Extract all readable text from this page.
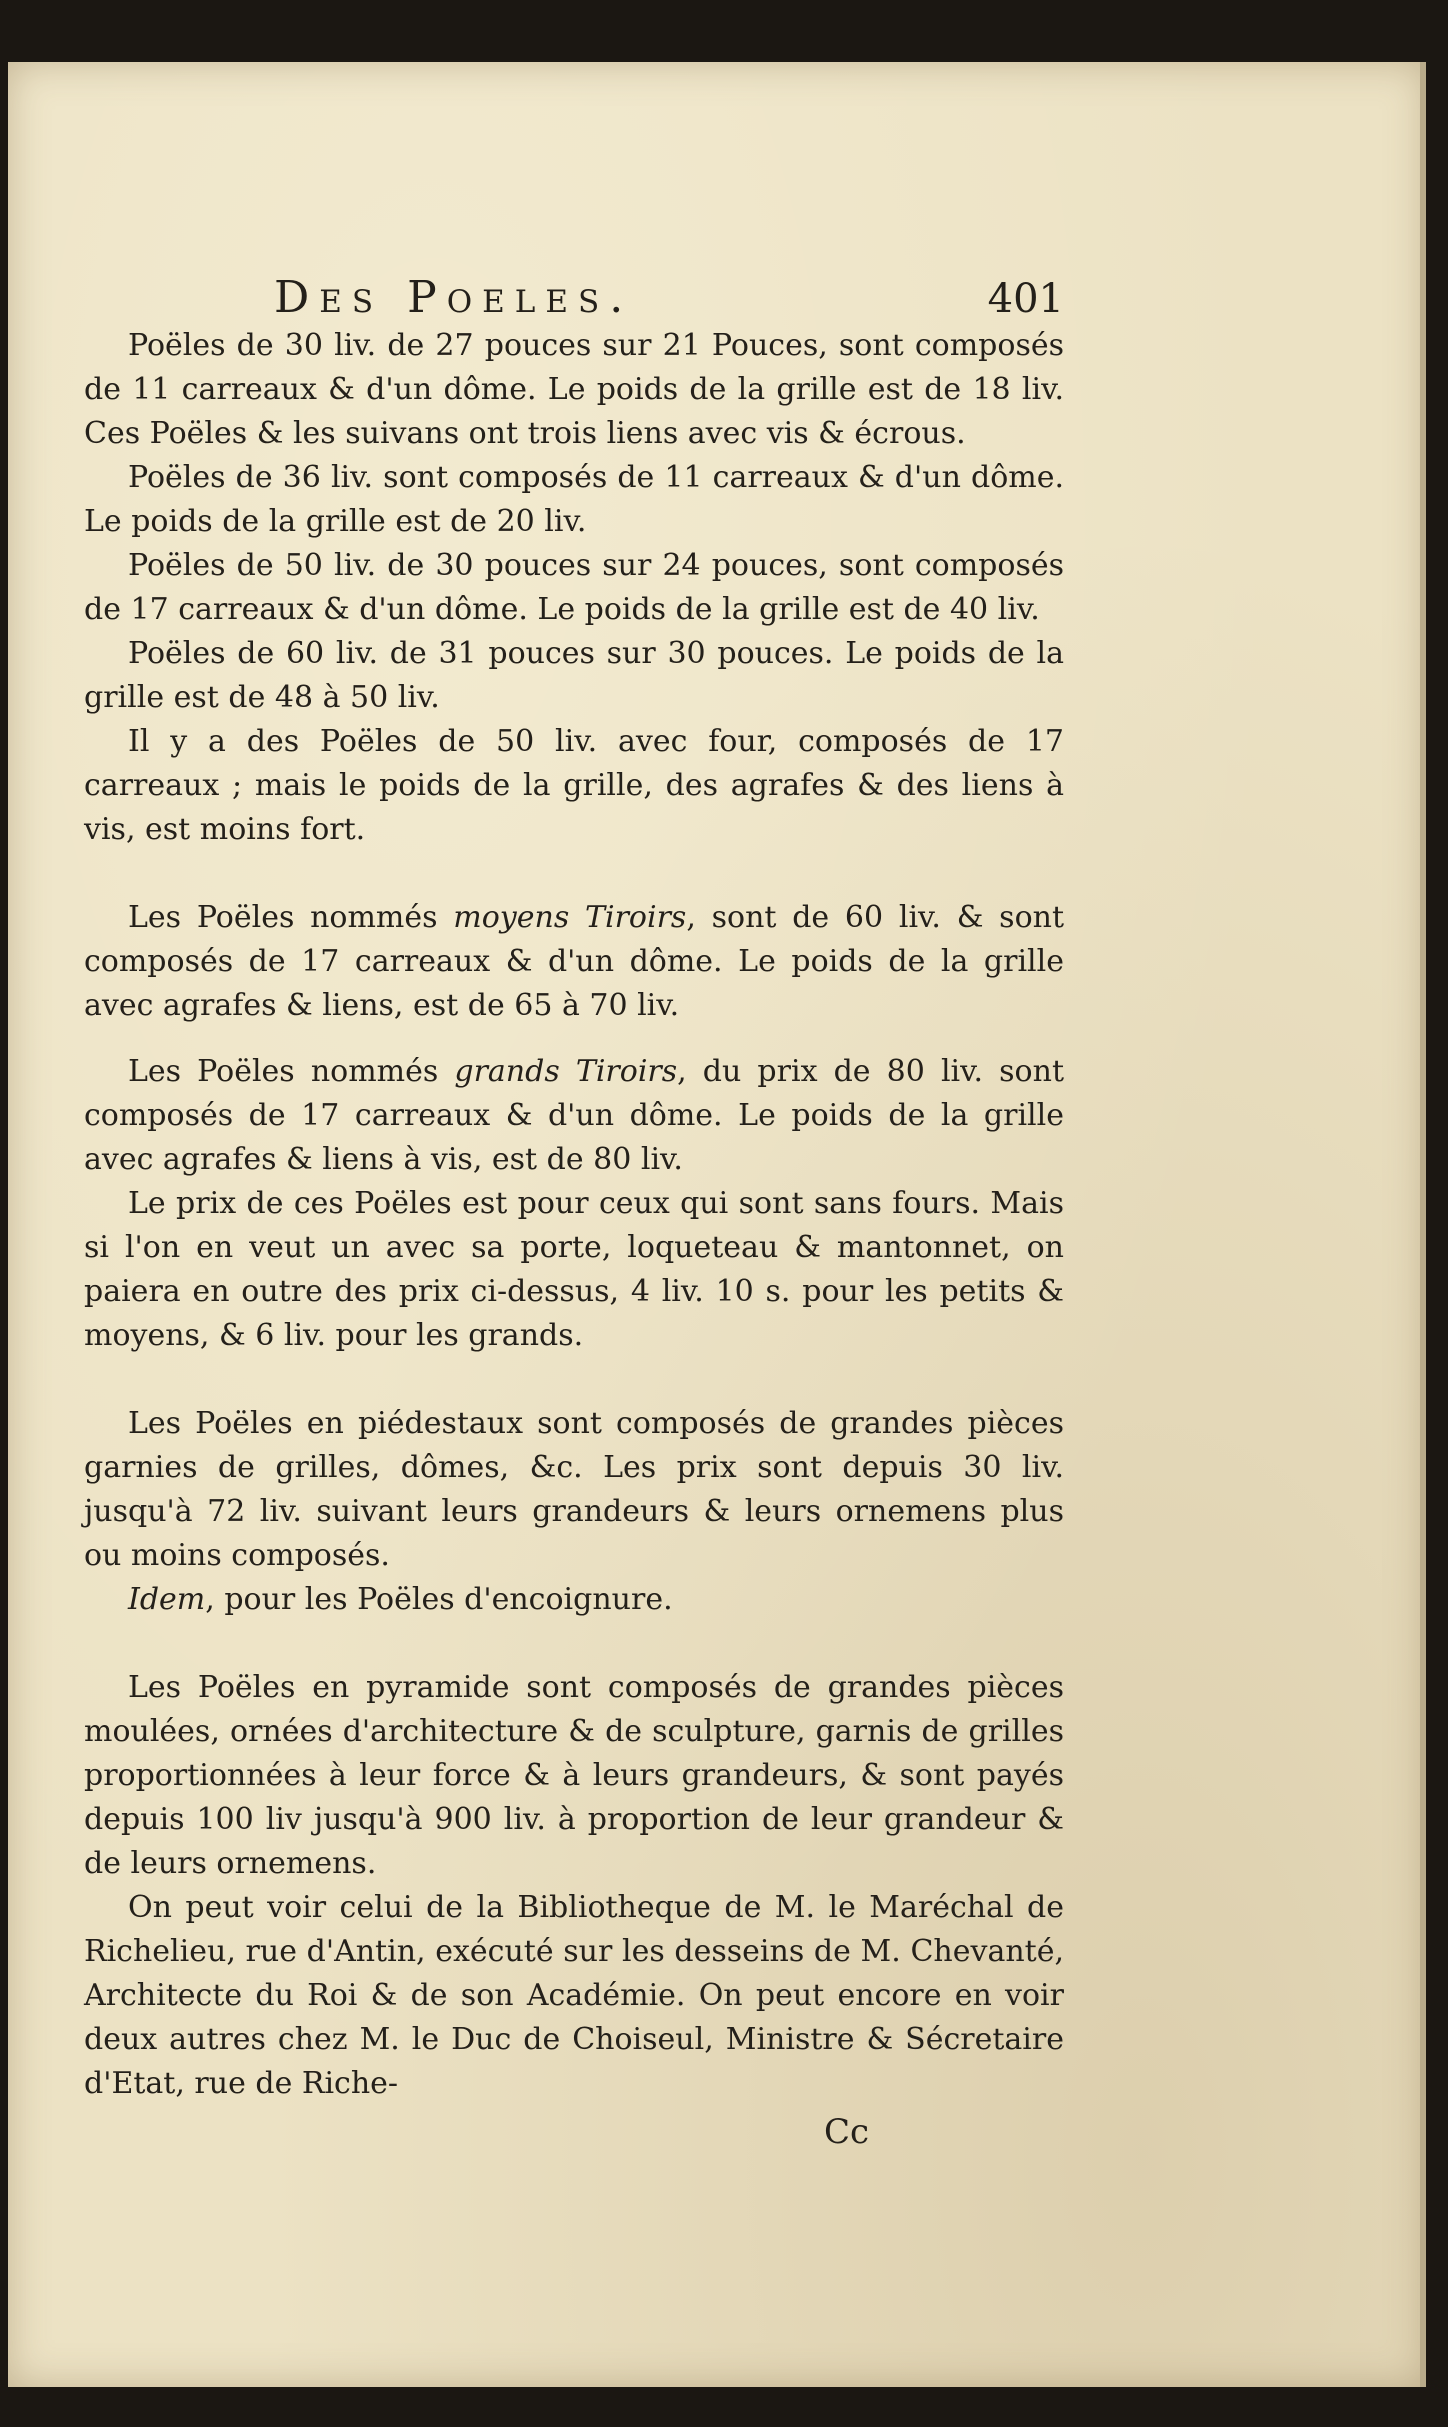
Des Poeles.	401

Poëles de 30 liv. de 27 pouces sur 21 Pouces, sont composés de 11 carreaux & d'un dôme. Le poids de la grille est de 18 liv. Ces Poëles & les suivans ont trois liens avec vis & écrous.

Poëles de 36 liv. sont composés de 11 carreaux & d'un dôme. Le poids de la grille est de 20 liv.

Poëles de 50 liv. de 30 pouces sur 24 pouces, sont composés de 17 carreaux & d'un dôme. Le poids de la grille est de 40 liv.

Poëles de 60 liv. de 31 pouces sur 30 pouces. Le poids de la grille est de 48 à 50 liv.

Il y a des Poëles de 50 liv. avec four, composés de 17 carreaux ; mais le poids de la grille, des agrafes & des liens à vis, est moins fort.

Les Poëles nommés moyens Tiroirs, sont de 60 liv. & sont composés de 17 carreaux & d'un dôme. Le poids de la grille avec agrafes & liens, est de 65 à 70 liv.

Les Poëles nommés grands Tiroirs, du prix de 80 liv. sont composés de 17 carreaux & d'un dôme. Le poids de la grille avec agrafes & liens à vis, est de 80 liv.

Le prix de ces Poëles est pour ceux qui sont sans fours. Mais si l'on en veut un avec sa porte, loqueteau & mantonnet, on paiera en outre des prix ci-dessus, 4 liv. 10 s. pour les petits & moyens, & 6 liv. pour les grands.

Les Poëles en piédestaux sont composés de grandes pièces garnies de grilles, dômes, &c. Les prix sont depuis 30 liv. jusqu'à 72 liv. suivant leurs grandeurs & leurs ornemens plus ou moins composés.

Idem, pour les Poëles d'encoignure.

Les Poëles en pyramide sont composés de grandes pièces moulées, ornées d'architecture & de sculpture, garnis de grilles proportionnées à leur force & à leurs grandeurs, & sont payés depuis 100 liv jusqu'à 900 liv. à proportion de leur grandeur & de leurs ornemens.

On peut voir celui de la Bibliotheque de M. le Maréchal de Richelieu, rue d'Antin, exécuté sur les desseins de M. Chevanté, Architecte du Roi & de son Académie. On peut encore en voir deux autres chez M. le Duc de Choiseul, Ministre & Sécretaire d'Etat, rue de Riche-

Cc
